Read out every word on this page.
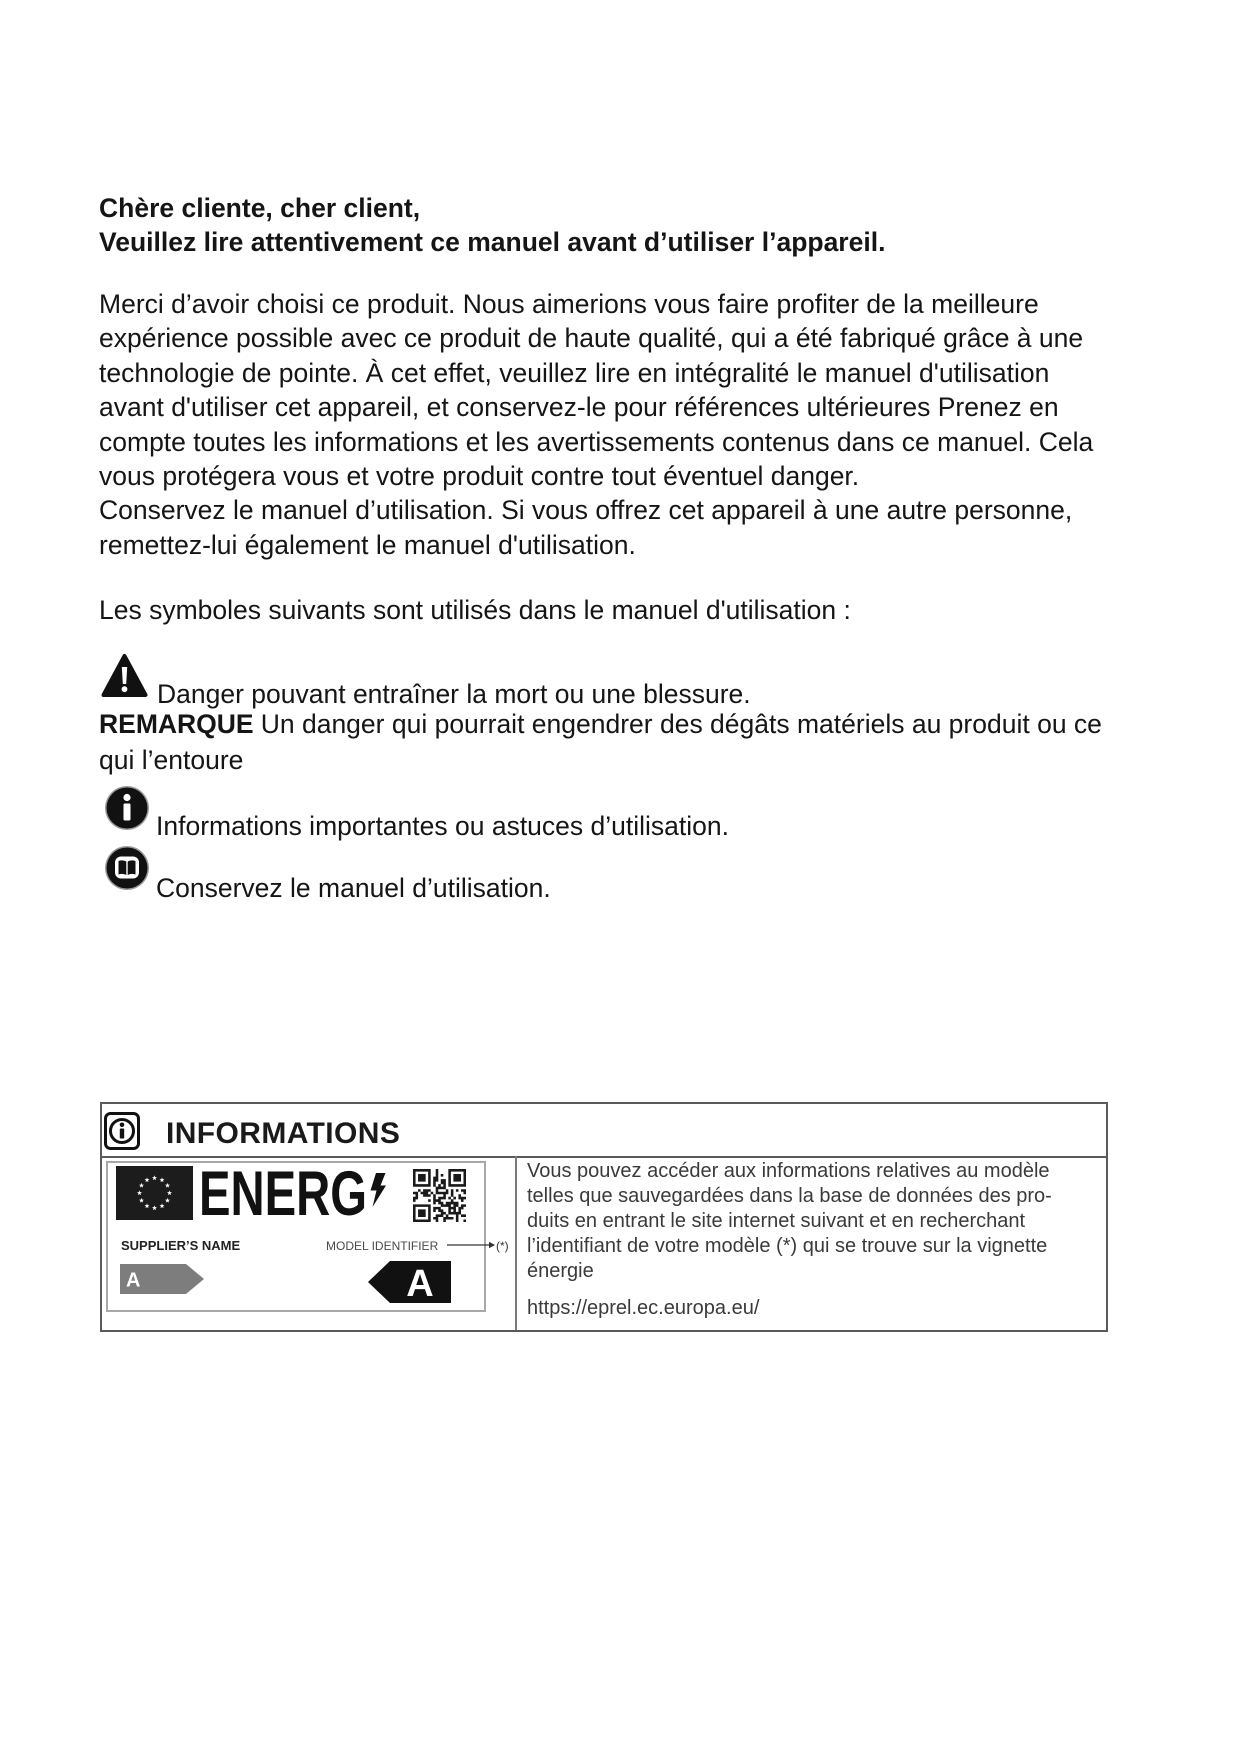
Chère cliente, cher client,
Veuillez lire attentivement ce manuel avant d’utiliser l’appareil.
Merci d’avoir choisi ce produit. Nous aimerions vous faire profiter de la meilleure
expérience possible avec ce produit de haute qualité, qui a été fabriqué grâce à une
technologie de pointe. À cet effet, veuillez lire en intégralité le manuel d'utilisation
avant d'utiliser cet appareil, et conservez-le pour références ultérieures Prenez en
compte toutes les informations et les avertissements contenus dans ce manuel. Cela
vous protégera vous et votre produit contre tout éventuel danger.
Conservez le manuel d’utilisation. Si vous offrez cet appareil à une autre personne,
remettez-lui également le manuel d'utilisation.
Les symboles suivants sont utilisés dans le manuel d'utilisation :
Danger pouvant entraîner la mort ou une blessure.
REMARQUE Un danger qui pourrait engendrer des dégâts matériels au produit ou ce
qui l’entoure
Informations importantes ou astuces d’utilisation.
Conservez le manuel d’utilisation.
INFORMATIONS
ENERG
SUPPLIER’S NAME	MODEL IDENTIFIER
A	A
(*)
Vous pouvez accéder aux informations relatives au modèle
telles que sauvegardées dans la base de données des pro-
duits en entrant le site internet suivant et en recherchant
l’identifiant de votre modèle (*) qui se trouve sur la vignette
énergie
https://eprel.ec.europa.eu/
